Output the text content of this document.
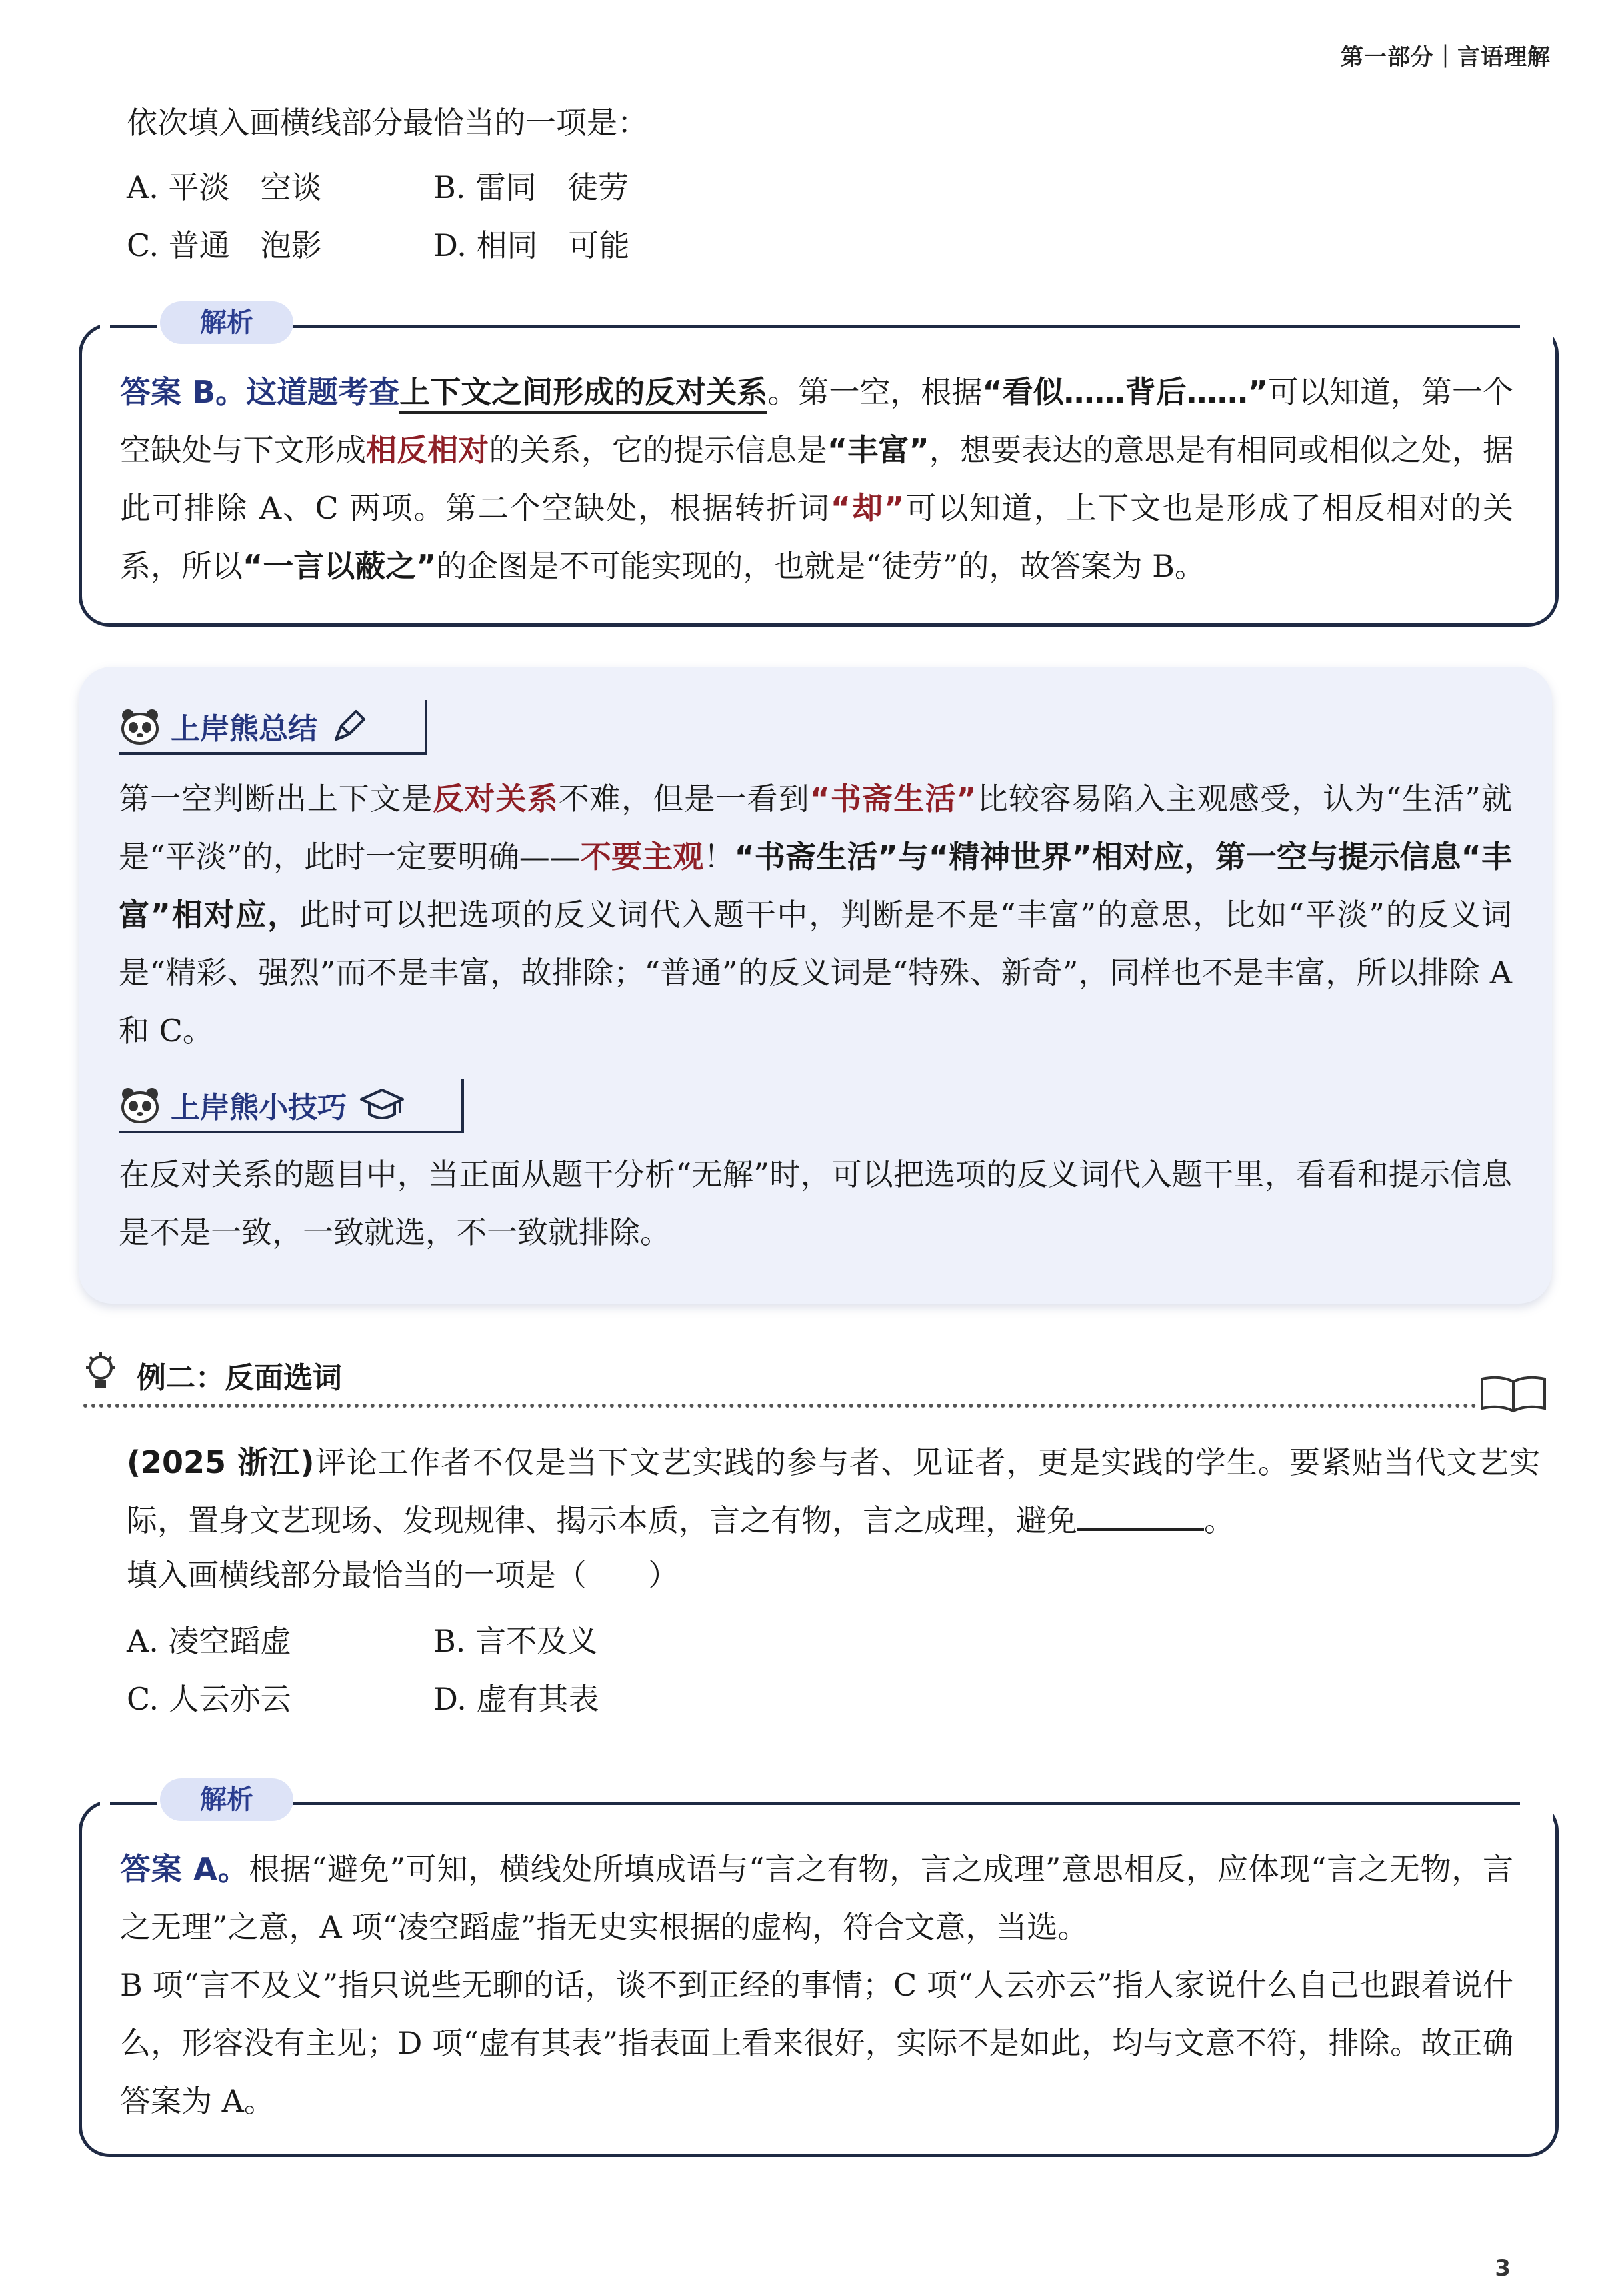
第一部分｜言语理解
依次填入画横线部分最恰当的一项是：
A. 平淡　空谈	B. 雷同　徒劳
C. 普通　泡影	D. 相同　可能
解析
答案 B。这道题考查上下文之间形成的反对关系。第一空，根据“看似……背后……”可以知道，第一个空缺处与下文形成相反相对的关系，它的提示信息是“丰富”，想要表达的意思是有相同或相似之处，据此可排除 A、C 两项。第二个空缺处，根据转折词“却”可以知道，上下文也是形成了相反相对的关系，所以“一言以蔽之”的企图是不可能实现的，也就是“徒劳”的，故答案为 B。
上岸熊总结
第一空判断出上下文是反对关系不难，但是一看到“书斋生活”比较容易陷入主观感受，认为“生活”就是“平淡”的，此时一定要明确——不要主观！“书斋生活”与“精神世界”相对应，第一空与提示信息“丰富”相对应，此时可以把选项的反义词代入题干中，判断是不是“丰富”的意思，比如“平淡”的反义词是“精彩、强烈”而不是丰富，故排除；“普通”的反义词是“特殊、新奇”，同样也不是丰富，所以排除 A 和 C。
上岸熊小技巧
在反对关系的题目中，当正面从题干分析“无解”时，可以把选项的反义词代入题干里，看看和提示信息是不是一致，一致就选，不一致就排除。
例二：反面选词
(2025 浙江)评论工作者不仅是当下文艺实践的参与者、见证者，更是实践的学生。要紧贴当代文艺实际，置身文艺现场、发现规律、揭示本质，言之有物，言之成理，避免	。
填入画横线部分最恰当的一项是（　　）
A. 凌空蹈虚	B. 言不及义
C. 人云亦云	D. 虚有其表
解析

答案 A。根据“避免”可知，横线处所填成语与“言之有物，言之成理”意思相反，应体现“言之无物，言之无理”之意，A 项“凌空蹈虚”指无史实根据的虚构，符合文意，当选。

B 项“言不及义”指只说些无聊的话，谈不到正经的事情；C 项“人云亦云”指人家说什么自己也跟着说什么，形容没有主见；D 项“虚有其表”指表面上看来很好，实际不是如此，均与文意不符，排除。故正确答案为 A。

3
